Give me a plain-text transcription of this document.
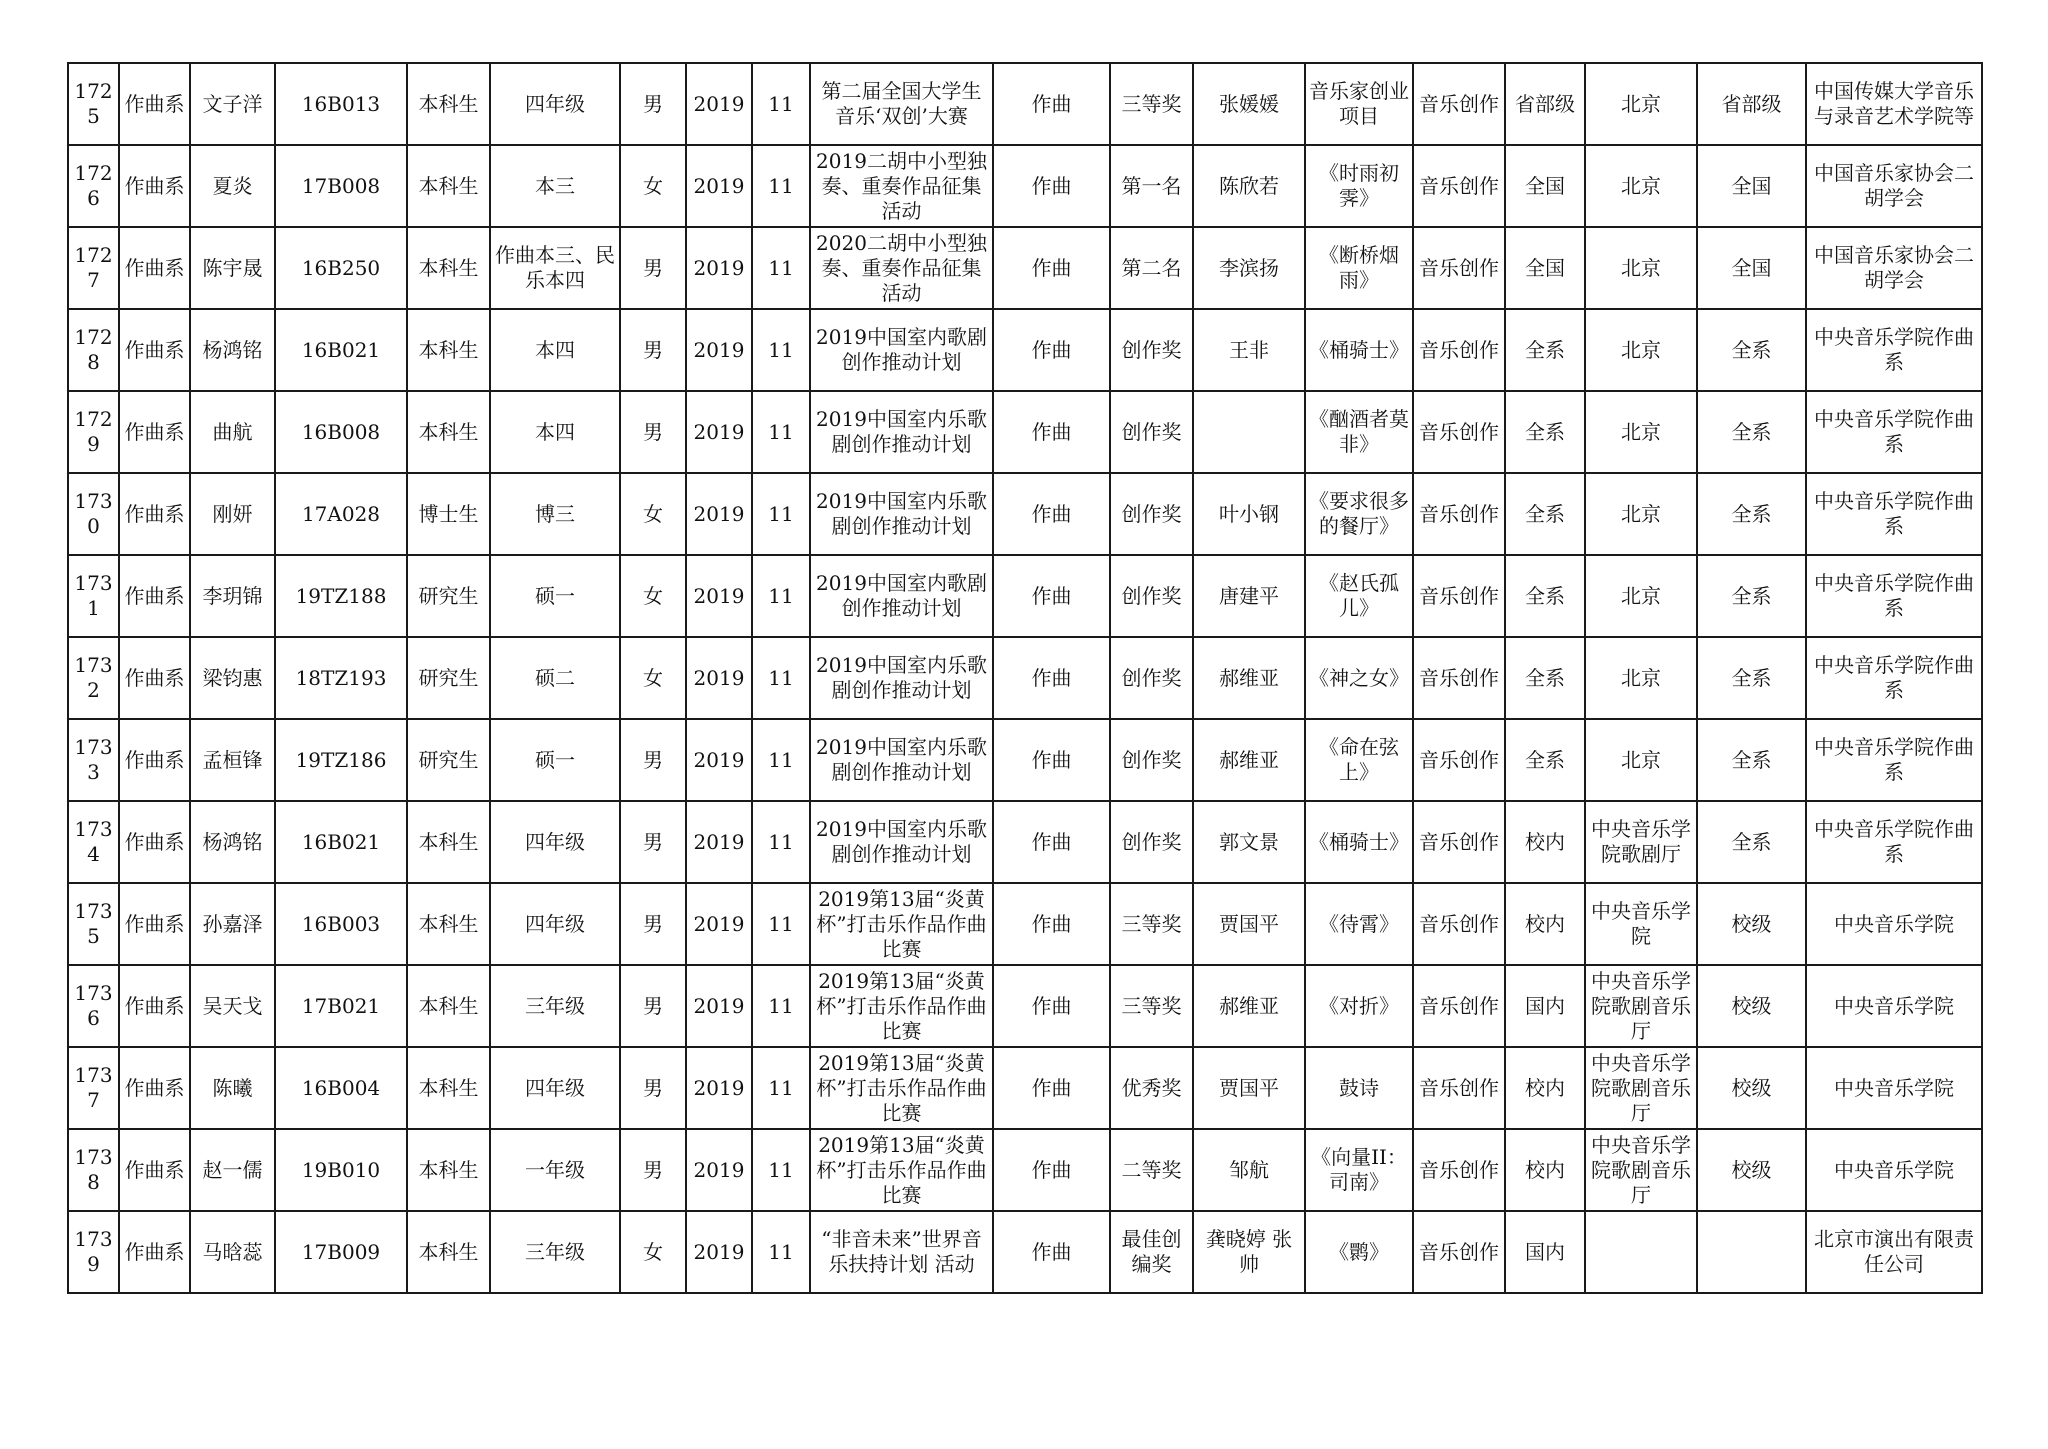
1725	作曲系	文子洋	16B013	本科生	四年级	男	2019	11	第二届全国大学生音乐‘双创’大赛	作曲	三等奖	张媛媛	音乐家创业项目	音乐创作	省部级	北京	省部级	中国传媒大学音乐与录音艺术学院等
1726	作曲系	夏炎	17B008	本科生	本三	女	2019	11	2019二胡中小型独奏、重奏作品征集活动	作曲	第一名	陈欣若	《时雨初霁》	音乐创作	全国	北京	全国	中国音乐家协会二胡学会
1727	作曲系	陈宇晟	16B250	本科生	作曲本三、民乐本四	男	2019	11	2020二胡中小型独奏、重奏作品征集活动	作曲	第二名	李滨扬	《断桥烟雨》	音乐创作	全国	北京	全国	中国音乐家协会二胡学会
1728	作曲系	杨鸿铭	16B021	本科生	本四	男	2019	11	2019中国室内歌剧创作推动计划	作曲	创作奖	王非	《桶骑士》	音乐创作	全系	北京	全系	中央音乐学院作曲系
1729	作曲系	曲航	16B008	本科生	本四	男	2019	11	2019中国室内乐歌剧创作推动计划	作曲	创作奖		《酗酒者莫非》	音乐创作	全系	北京	全系	中央音乐学院作曲系
1730	作曲系	刚妍	17A028	博士生	博三	女	2019	11	2019中国室内乐歌剧创作推动计划	作曲	创作奖	叶小钢	《要求很多的餐厅》	音乐创作	全系	北京	全系	中央音乐学院作曲系
1731	作曲系	李玥锦	19TZ188	研究生	硕一	女	2019	11	2019中国室内歌剧创作推动计划	作曲	创作奖	唐建平	《赵氏孤儿》	音乐创作	全系	北京	全系	中央音乐学院作曲系
1732	作曲系	梁钧惠	18TZ193	研究生	硕二	女	2019	11	2019中国室内乐歌剧创作推动计划	作曲	创作奖	郝维亚	《神之女》	音乐创作	全系	北京	全系	中央音乐学院作曲系
1733	作曲系	孟桓锋	19TZ186	研究生	硕一	男	2019	11	2019中国室内乐歌剧创作推动计划	作曲	创作奖	郝维亚	《命在弦上》	音乐创作	全系	北京	全系	中央音乐学院作曲系
1734	作曲系	杨鸿铭	16B021	本科生	四年级	男	2019	11	2019中国室内乐歌剧创作推动计划	作曲	创作奖	郭文景	《桶骑士》	音乐创作	校内	中央音乐学院歌剧厅	全系	中央音乐学院作曲系
1735	作曲系	孙嘉泽	16B003	本科生	四年级	男	2019	11	2019第13届“炎黄杯”打击乐作品作曲比赛	作曲	三等奖	贾国平	《待霄》	音乐创作	校内	中央音乐学院	校级	中央音乐学院
1736	作曲系	吴天戈	17B021	本科生	三年级	男	2019	11	2019第13届“炎黄杯”打击乐作品作曲比赛	作曲	三等奖	郝维亚	《对折》	音乐创作	国内	中央音乐学院歌剧音乐厅	校级	中央音乐学院
1737	作曲系	陈曦	16B004	本科生	四年级	男	2019	11	2019第13届“炎黄杯”打击乐作品作曲比赛	作曲	优秀奖	贾国平	鼓诗	音乐创作	校内	中央音乐学院歌剧音乐厅	校级	中央音乐学院
1738	作曲系	赵一儒	19B010	本科生	一年级	男	2019	11	2019第13届“炎黄杯”打击乐作品作曲比赛	作曲	二等奖	邹航	《向量II：司南》	音乐创作	校内	中央音乐学院歌剧音乐厅	校级	中央音乐学院
1739	作曲系	马晗蕊	17B009	本科生	三年级	女	2019	11	“非音未来”世界音乐扶持计划 活动	作曲	最佳创编奖	龚晓婷 张帅	《鹮》	音乐创作	国内			北京市演出有限责任公司
